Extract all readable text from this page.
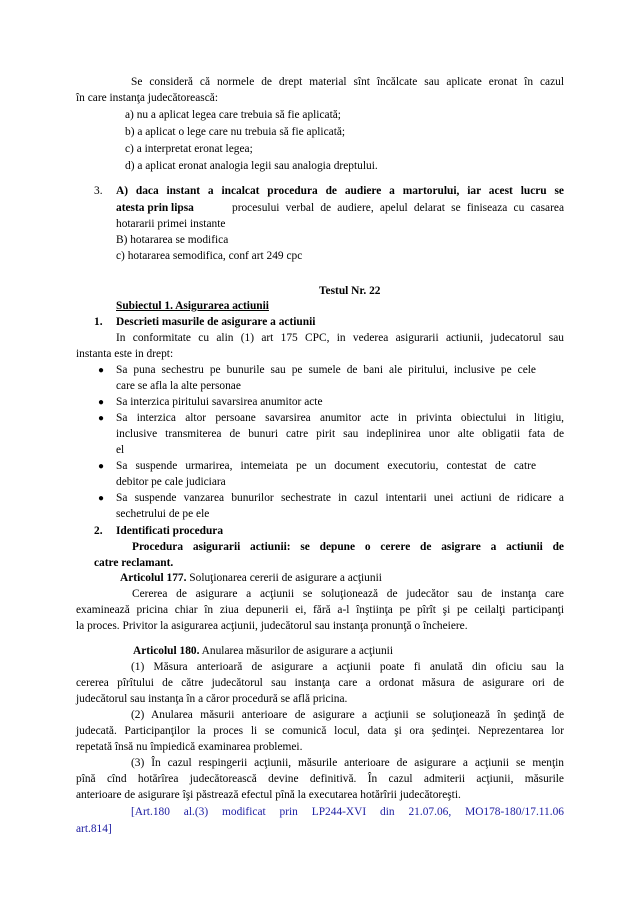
Se consideră că normele de drept material sînt încălcate sau aplicate eronat în cazul
în care instanţa judecătorească:
a) nu a aplicat legea care trebuia să fie aplicată;
b) a aplicat o lege care nu trebuia să fie aplicată;
c) a interpretat eronat legea;
d) a aplicat eronat analogia legii sau analogia dreptului.
3. A) daca instant a incalcat procedura de audiere a martorului, iar acest lucru se
atesta prin lipsa	procesului verbal de audiere, apelul delarat se finiseaza cu casarea
hotararii primei instante
B) hotararea se modifica
c) hotararea semodifica, conf art 249 cpc
Testul Nr. 22
Subiectul 1. Asigurarea actiunii
1. Descrieti masurile de asigurare a actiunii
In conformitate cu alin (1) art 175 CPC, in vederea asigurarii actiunii, judecatorul sau
instanta este in drept:
● Sa puna sechestru pe bunurile sau pe sumele de bani ale piritului, inclusive pe cele
care se afla la alte personae
● Sa interzica piritului savarsirea anumitor acte
● Sa interzica altor persoane savarsirea anumitor acte in privinta obiectului in litigiu,
inclusive transmiterea de bunuri catre pirit sau indeplinirea unor alte obligatii fata de
el
● Sa suspende urmarirea, intemeiata pe un document executoriu, contestat de catre
debitor pe cale judiciara
● Sa suspende vanzarea bunurilor sechestrate in cazul intentarii unei actiuni de ridicare a
sechetrului de pe ele
2. Identificati procedura
Procedura asigurarii actiunii: se depune o cerere de asigrare a actiunii de
catre reclamant.
Articolul 177. Soluţionarea cererii de asigurare a acţiunii
Cererea de asigurare a acţiunii se soluţionează de judecător sau de instanţa care
examinează pricina chiar în ziua depunerii ei, fără a-l înştiinţa pe pîrît şi pe ceilalţi participanţi
la proces. Privitor la asigurarea acţiunii, judecătorul sau instanţa pronunţă o încheiere.
Articolul 180. Anularea măsurilor de asigurare a acţiunii
(1) Măsura anterioară de asigurare a acţiunii poate fi anulată din oficiu sau la
cererea pîrîtului de către judecătorul sau instanţa care a ordonat măsura de asigurare ori de
judecătorul sau instanţa în a căror procedură se află pricina.
(2) Anularea măsurii anterioare de asigurare a acţiunii se soluţionează în şedinţă de
judecată. Participanţilor la proces li se comunică locul, data şi ora şedinţei. Neprezentarea lor
repetată însă nu împiedică examinarea problemei.
(3) În cazul respingerii acţiunii, măsurile anterioare de asigurare a acţiunii se menţin
pînă cînd hotărîrea judecătorească devine definitivă. În cazul admiterii acţiunii, măsurile
anterioare de asigurare îşi păstrează efectul pînă la executarea hotărîrii judecătoreşti.
[Art.180 al.(3) modificat prin LP244-XVI din 21.07.06, MO178-180/17.11.06
art.814]
